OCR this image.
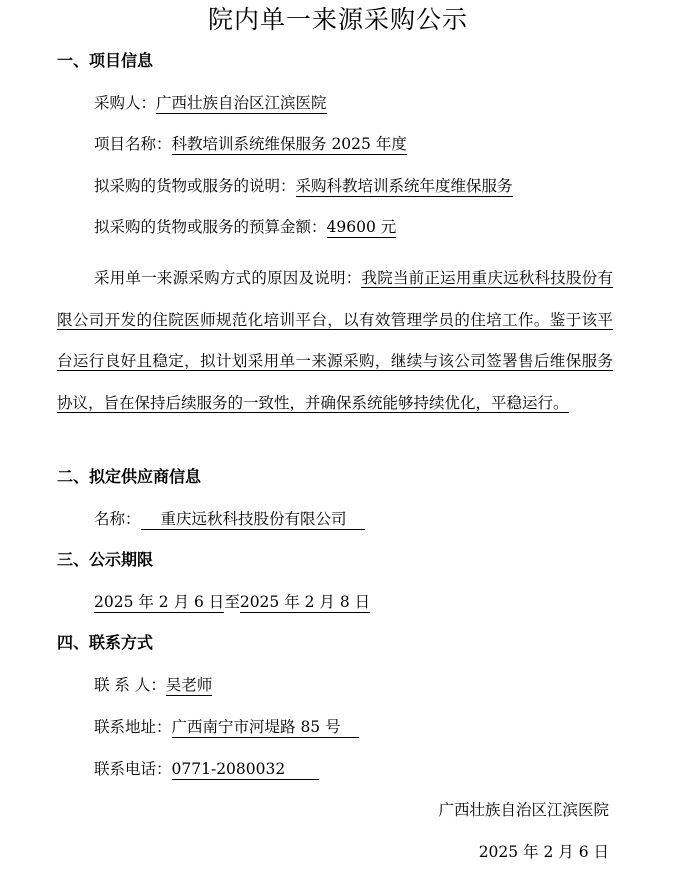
院内单一来源采购公示
一、项目信息
采购人：广西壮族自治区江滨医院
项目名称：科教培训系统维保服务 2025 年度
拟采购的货物或服务的说明：采购科教培训系统年度维保服务
拟采购的货物或服务的预算金额：49600 元
采用单一来源采购方式的原因及说明：我院当前正运用重庆远秋科技股份有限公司开发的住院医师规范化培训平台，以有效管理学员的住培工作。鉴于该平台运行良好且稳定，拟计划采用单一来源采购，继续与该公司签署售后维保服务协议，旨在保持后续服务的一致性，并确保系统能够持续优化，平稳运行。
二、拟定供应商信息
名称： 重庆远秋科技股份有限公司
三、公示期限
2025 年 2 月 6 日至2025 年 2 月 8 日
四、联系方式
联 系 人：吴老师
联系地址：广西南宁市河堤路 85 号
联系电话：0771-2080032
广西壮族自治区江滨医院
2025 年 2 月 6 日
